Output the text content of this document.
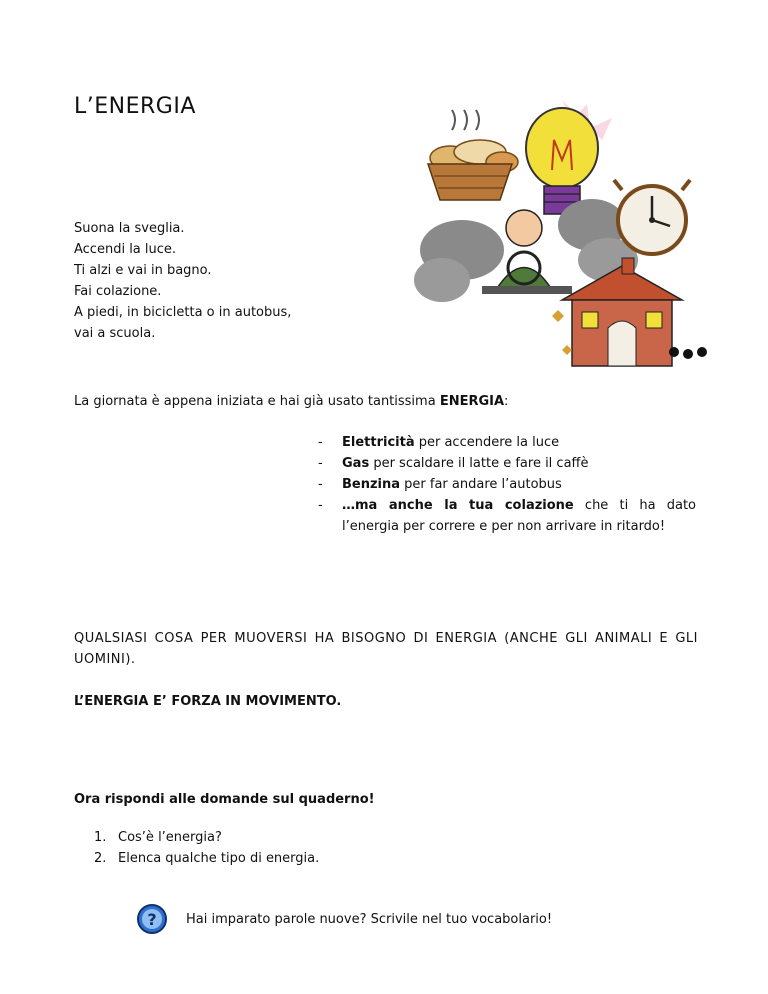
L’ENERGIA
Suona la sveglia.
Accendi la luce.
Ti alzi e vai in bagno.
Fai colazione.
A piedi, in bicicletta o in autobus,
vai a scuola.
La giornata è appena iniziata e hai già usato tantissima ENERGIA:
- Elettricità per accendere la luce
- Gas per scaldare il latte e fare il caffè
- Benzina per far andare l’autobus
- …ma anche la tua colazione che ti ha dato l’energia per correre e per non arrivare in ritardo!
QUALSIASI COSA PER MUOVERSI HA BISOGNO DI ENERGIA (ANCHE GLI ANIMALI E GLI UOMINI).
L’ENERGIA E’ FORZA IN MOVIMENTO.
Ora rispondi alle domande sul quaderno!
1. Cos’è l’energia?
2. Elenca qualche tipo di energia.
? Hai imparato parole nuove? Scrivile nel tuo vocabolario!
